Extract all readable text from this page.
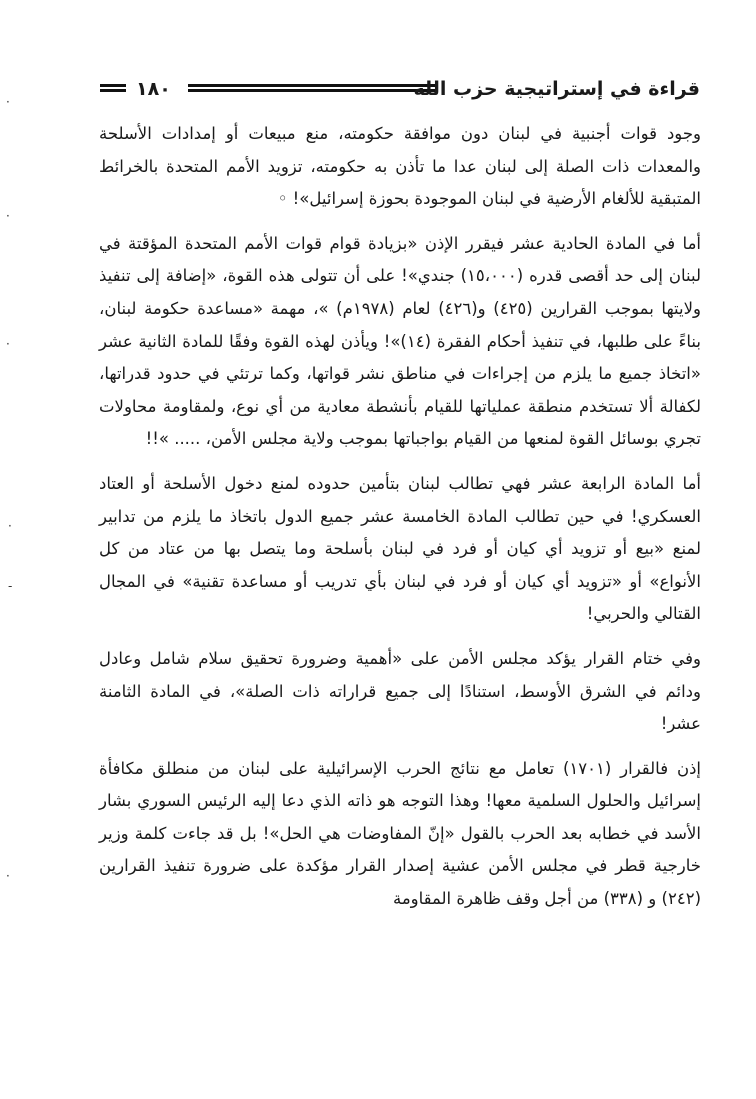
١٨٠	قراءة في إستراتيجية حزب الله

وجود قوات أجنبية في لبنان دون موافقة حكومته، منع مبيعات أو إمدادات الأسلحة والمعدات ذات الصلة إلى لبنان عدا ما تأذن به حكومته، تزويد الأمم المتحدة بالخرائط المتبقية للألغام الأرضية في لبنان الموجودة بحوزة إسرائيل»! ◦

أما في المادة الحادية عشر فيقرر الإذن «بزيادة قوام قوات الأمم المتحدة المؤقتة في لبنان إلى حد أقصى قدره (١٥،٠٠٠) جندي»! على أن تتولى هذه القوة، «إضافة إلى تنفيذ ولايتها بموجب القرارين (٤٢٥) و(٤٢٦) لعام (١٩٧٨م) »، مهمة «مساعدة حكومة لبنان، بناءً على طلبها، في تنفيذ أحكام الفقرة (١٤)»! ويأذن لهذه القوة وفقًا للمادة الثانية عشر «اتخاذ جميع ما يلزم من إجراءات في مناطق نشر قواتها، وكما ترتئي في حدود قدراتها، لكفالة ألا تستخدم منطقة عملياتها للقيام بأنشطة معادية من أي نوع، ولمقاومة محاولات تجري بوسائل القوة لمنعها من القيام بواجباتها بموجب ولاية مجلس الأمن، ..... »!!

أما المادة الرابعة عشر فهي تطالب لبنان بتأمين حدوده لمنع دخول الأسلحة أو العتاد العسكري! في حين تطالب المادة الخامسة عشر جميع الدول باتخاذ ما يلزم من تدابير لمنع «بيع أو تزويد أي كيان أو فرد في لبنان بأسلحة وما يتصل بها من عتاد من كل الأنواع» أو «تزويد أي كيان أو فرد في لبنان بأي تدريب أو مساعدة تقنية» في المجال القتالي والحربي!

وفي ختام القرار يؤكد مجلس الأمن على «أهمية وضرورة تحقيق سلام شامل وعادل ودائم في الشرق الأوسط، استنادًا إلى جميع قراراته ذات الصلة»، في المادة الثامنة عشر!

إذن فالقرار (١٧٠١) تعامل مع نتائج الحرب الإسرائيلية على لبنان من منطلق مكافأة إسرائيل والحلول السلمية معها! وهذا التوجه هو ذاته الذي دعا إليه الرئيس السوري بشار الأسد في خطابه بعد الحرب بالقول «إنّ المفاوضات هي الحل»! بل قد جاءت كلمة وزير خارجية قطر في مجلس الأمن عشية إصدار القرار مؤكدة على ضرورة تنفيذ القرارين (٢٤٢) و (٣٣٨) من أجل وقف ظاهرة المقاومة

·
·
·
·
-
·
